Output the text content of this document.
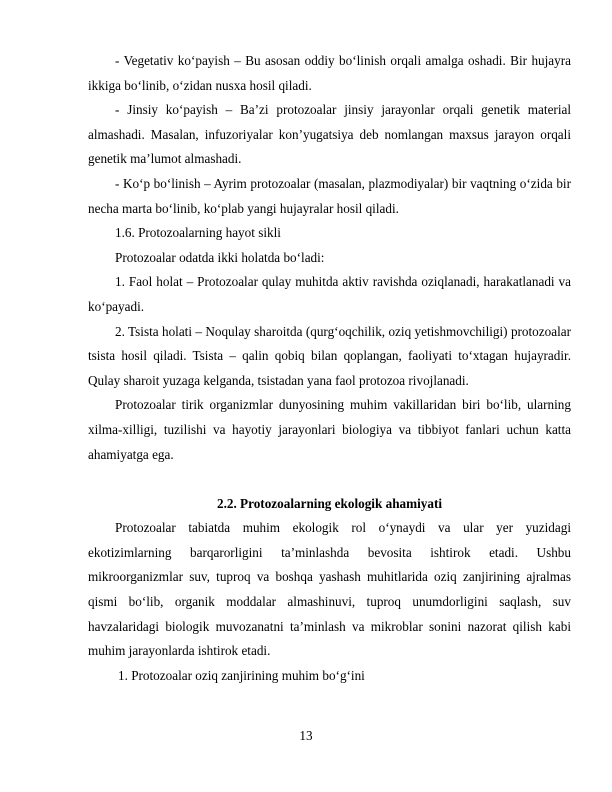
- Vegetativ ko‘payish – Bu asosan oddiy bo‘linish orqali amalga oshadi. Bir hujayra ikkiga bo‘linib, o‘zidan nusxa hosil qiladi.

- Jinsiy ko‘payish – Ba’zi protozoalar jinsiy jarayonlar orqali genetik material almashadi. Masalan, infuzoriyalar kon’yugatsiya deb nomlangan maxsus jarayon orqali genetik ma’lumot almashadi.

- Ko‘p bo‘linish – Ayrim protozoalar (masalan, plazmodiyalar) bir vaqtning o‘zida bir necha marta bo‘linib, ko‘plab yangi hujayralar hosil qiladi.

1.6. Protozoalarning hayot sikli

Protozoalar odatda ikki holatda bo‘ladi:

1. Faol holat – Protozoalar qulay muhitda aktiv ravishda oziqlanadi, harakatlanadi va ko‘payadi.

2. Tsista holati – Noqulay sharoitda (qurg‘oqchilik, oziq yetishmovchiligi) protozoalar tsista hosil qiladi. Tsista – qalin qobiq bilan qoplangan, faoliyati to‘xtagan hujayradir. Qulay sharoit yuzaga kelganda, tsistadan yana faol protozoa rivojlanadi.

Protozoalar tirik organizmlar dunyosining muhim vakillaridan biri bo‘lib, ularning xilma-xilligi, tuzilishi va hayotiy jarayonlari biologiya va tibbiyot fanlari uchun katta ahamiyatga ega.

2.2. Protozoalarning ekologik ahamiyati

Protozoalar tabiatda muhim ekologik rol o‘ynaydi va ular yer yuzidagi ekotizimlarning barqarorligini ta’minlashda bevosita ishtirok etadi. Ushbu mikroorganizmlar suv, tuproq va boshqa yashash muhitlarida oziq zanjirining ajralmas qismi bo‘lib, organik moddalar almashinuvi, tuproq unumdorligini saqlash, suv havzalaridagi biologik muvozanatni ta’minlash va mikroblar sonini nazorat qilish kabi muhim jarayonlarda ishtirok etadi.

1. Protozoalar oziq zanjirining muhim bo‘g‘ini

13
